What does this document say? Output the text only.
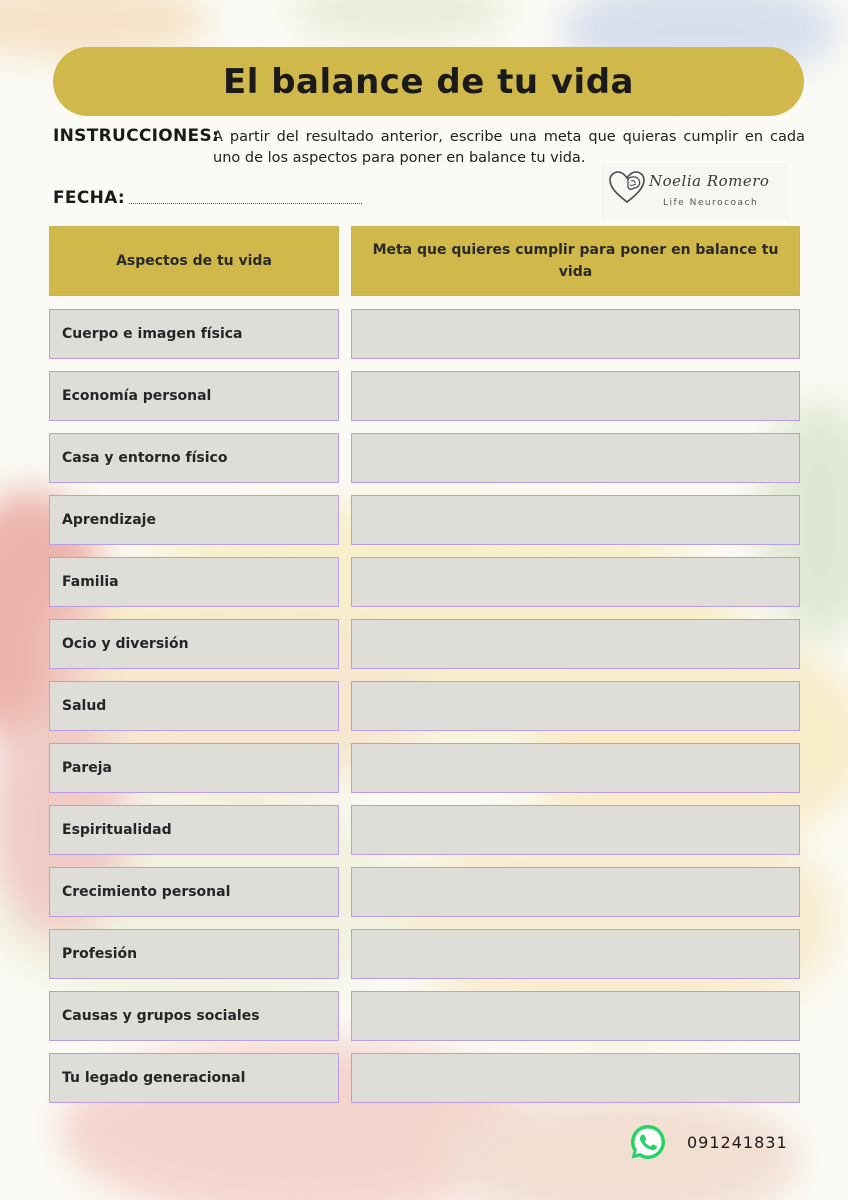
El balance de tu vida
INSTRUCCIONES:
A partir del resultado anterior, escribe una meta que quieras cumplir en cada uno de los aspectos para poner en balance tu vida.
FECHA:
Noelia Romero
Life Neurocoach
Aspectos de tu vida
Meta que quieres cumplir para poner en balance tu vida
Cuerpo e imagen física
Economía personal
Casa y entorno físico
Aprendizaje
Familia
Ocio y diversión
Salud
Pareja
Espiritualidad
Crecimiento personal
Profesión
Causas y grupos sociales
Tu legado generacional
091241831
